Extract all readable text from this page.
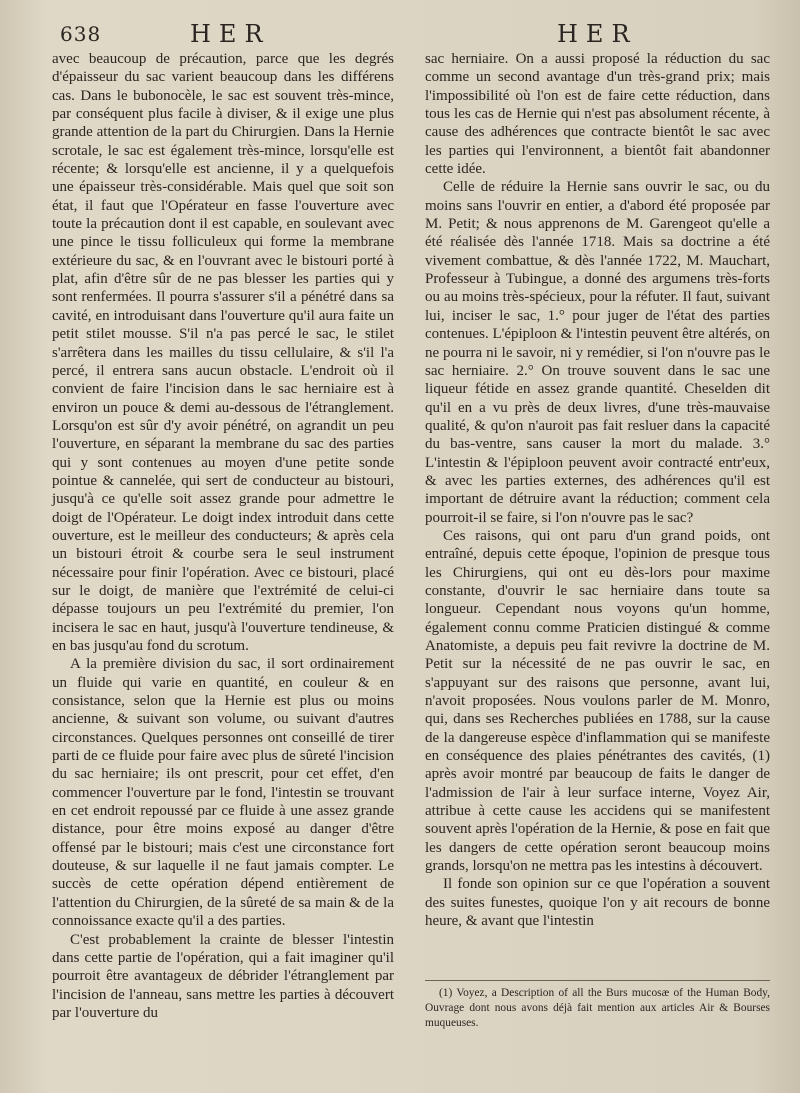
638	HER	HER

avec beaucoup de précaution, parce que les degrés d'épaisseur du sac varient beaucoup dans les différens cas. Dans le bubonocèle, le sac est souvent très-mince, par conséquent plus facile à diviser, & il exige une plus grande attention de la part du Chirurgien. Dans la Hernie scrotale, le sac est également très-mince, lorsqu'elle est récente; & lorsqu'elle est ancienne, il y a quelquefois une épaisseur très-considérable. Mais quel que soit son état, il faut que l'Opérateur en fasse l'ouverture avec toute la précaution dont il est capable, en soulevant avec une pince le tissu folliculeux qui forme la membrane extérieure du sac, & en l'ouvrant avec le bistouri porté à plat, afin d'être sûr de ne pas blesser les parties qui y sont renfermées. Il pourra s'assurer s'il a pénétré dans sa cavité, en introduisant dans l'ouverture qu'il aura faite un petit stilet mousse. S'il n'a pas percé le sac, le stilet s'arrêtera dans les mailles du tissu cellulaire, & s'il l'a percé, il entrera sans aucun obstacle. L'endroit où il convient de faire l'incision dans le sac herniaire est à environ un pouce & demi au-dessous de l'étranglement. Lorsqu'on est sûr d'y avoir pénétré, on agrandit un peu l'ouverture, en séparant la membrane du sac des parties qui y sont contenues au moyen d'une petite sonde pointue & cannelée, qui sert de conducteur au bistouri, jusqu'à ce qu'elle soit assez grande pour admettre le doigt de l'Opérateur. Le doigt index introduit dans cette ouverture, est le meilleur des conducteurs; & après cela un bistouri étroit & courbe sera le seul instrument nécessaire pour finir l'opération. Avec ce bistouri, placé sur le doigt, de manière que l'extrémité de celui-ci dépasse toujours un peu l'extrémité du premier, l'on incisera le sac en haut, jusqu'à l'ouverture tendineuse, & en bas jusqu'au fond du scrotum.

A la première division du sac, il sort ordinairement un fluide qui varie en quantité, en couleur & en consistance, selon que la Hernie est plus ou moins ancienne, & suivant son volume, ou suivant d'autres circonstances. Quelques personnes ont conseillé de tirer parti de ce fluide pour faire avec plus de sûreté l'incision du sac herniaire; ils ont prescrit, pour cet effet, d'en commencer l'ouverture par le fond, l'intestin se trouvant en cet endroit repoussé par ce fluide à une assez grande distance, pour être moins exposé au danger d'être offensé par le bistouri; mais c'est une circonstance fort douteuse, & sur laquelle il ne faut jamais compter. Le succès de cette opération dépend entièrement de l'attention du Chirurgien, de la sûreté de sa main & de la connoissance exacte qu'il a des parties.

C'est probablement la crainte de blesser l'intestin dans cette partie de l'opération, qui a fait imaginer qu'il pourroit être avantageux de débrider l'étranglement par l'incision de l'anneau, sans mettre les parties à découvert par l'ouverture du

sac herniaire. On a aussi proposé la réduction du sac comme un second avantage d'un très-grand prix; mais l'impossibilité où l'on est de faire cette réduction, dans tous les cas de Hernie qui n'est pas absolument récente, à cause des adhérences que contracte bientôt le sac avec les parties qui l'environnent, a bientôt fait abandonner cette idée.

Celle de réduire la Hernie sans ouvrir le sac, ou du moins sans l'ouvrir en entier, a d'abord été proposée par M. Petit; & nous apprenons de M. Garengeot qu'elle a été réalisée dès l'année 1718. Mais sa doctrine a été vivement combattue, & dès l'année 1722, M. Mauchart, Professeur à Tubingue, a donné des argumens très-forts ou au moins très-spécieux, pour la réfuter. Il faut, suivant lui, inciser le sac, 1.° pour juger de l'état des parties contenues. L'épiploon & l'intestin peuvent être altérés, on ne pourra ni le savoir, ni y remédier, si l'on n'ouvre pas le sac herniaire. 2.° On trouve souvent dans le sac une liqueur fétide en assez grande quantité. Cheselden dit qu'il en a vu près de deux livres, d'une très-mauvaise qualité, & qu'on n'auroit pas fait resluer dans la capacité du bas-ventre, sans causer la mort du malade. 3.° L'intestin & l'épiploon peuvent avoir contracté entr'eux, & avec les parties externes, des adhérences qu'il est important de détruire avant la réduction; comment cela pourroit-il se faire, si l'on n'ouvre pas le sac?

Ces raisons, qui ont paru d'un grand poids, ont entraîné, depuis cette époque, l'opinion de presque tous les Chirurgiens, qui ont eu dès-lors pour maxime constante, d'ouvrir le sac herniaire dans toute sa longueur. Cependant nous voyons qu'un homme, également connu comme Praticien distingué & comme Anatomiste, a depuis peu fait revivre la doctrine de M. Petit sur la nécessité de ne pas ouvrir le sac, en s'appuyant sur des raisons que personne, avant lui, n'avoit proposées. Nous voulons parler de M. Monro, qui, dans ses Recherches publiées en 1788, sur la cause de la dangereuse espèce d'inflammation qui se manifeste en conséquence des plaies pénétrantes des cavités, (1) après avoir montré par beaucoup de faits le danger de l'admission de l'air à leur surface interne, Voyez Air, attribue à cette cause les accidens qui se manifestent souvent après l'opération de la Hernie, & pose en fait que les dangers de cette opération seront beaucoup moins grands, lorsqu'on ne mettra pas les intestins à découvert.

Il fonde son opinion sur ce que l'opération a souvent des suites funestes, quoique l'on y ait recours de bonne heure, & avant que l'intestin

(1) Voyez, a Description of all the Burs mucosæ of the Human Body, Ouvrage dont nous avons déjà fait mention aux articles Air & Bourses muqueuses.
